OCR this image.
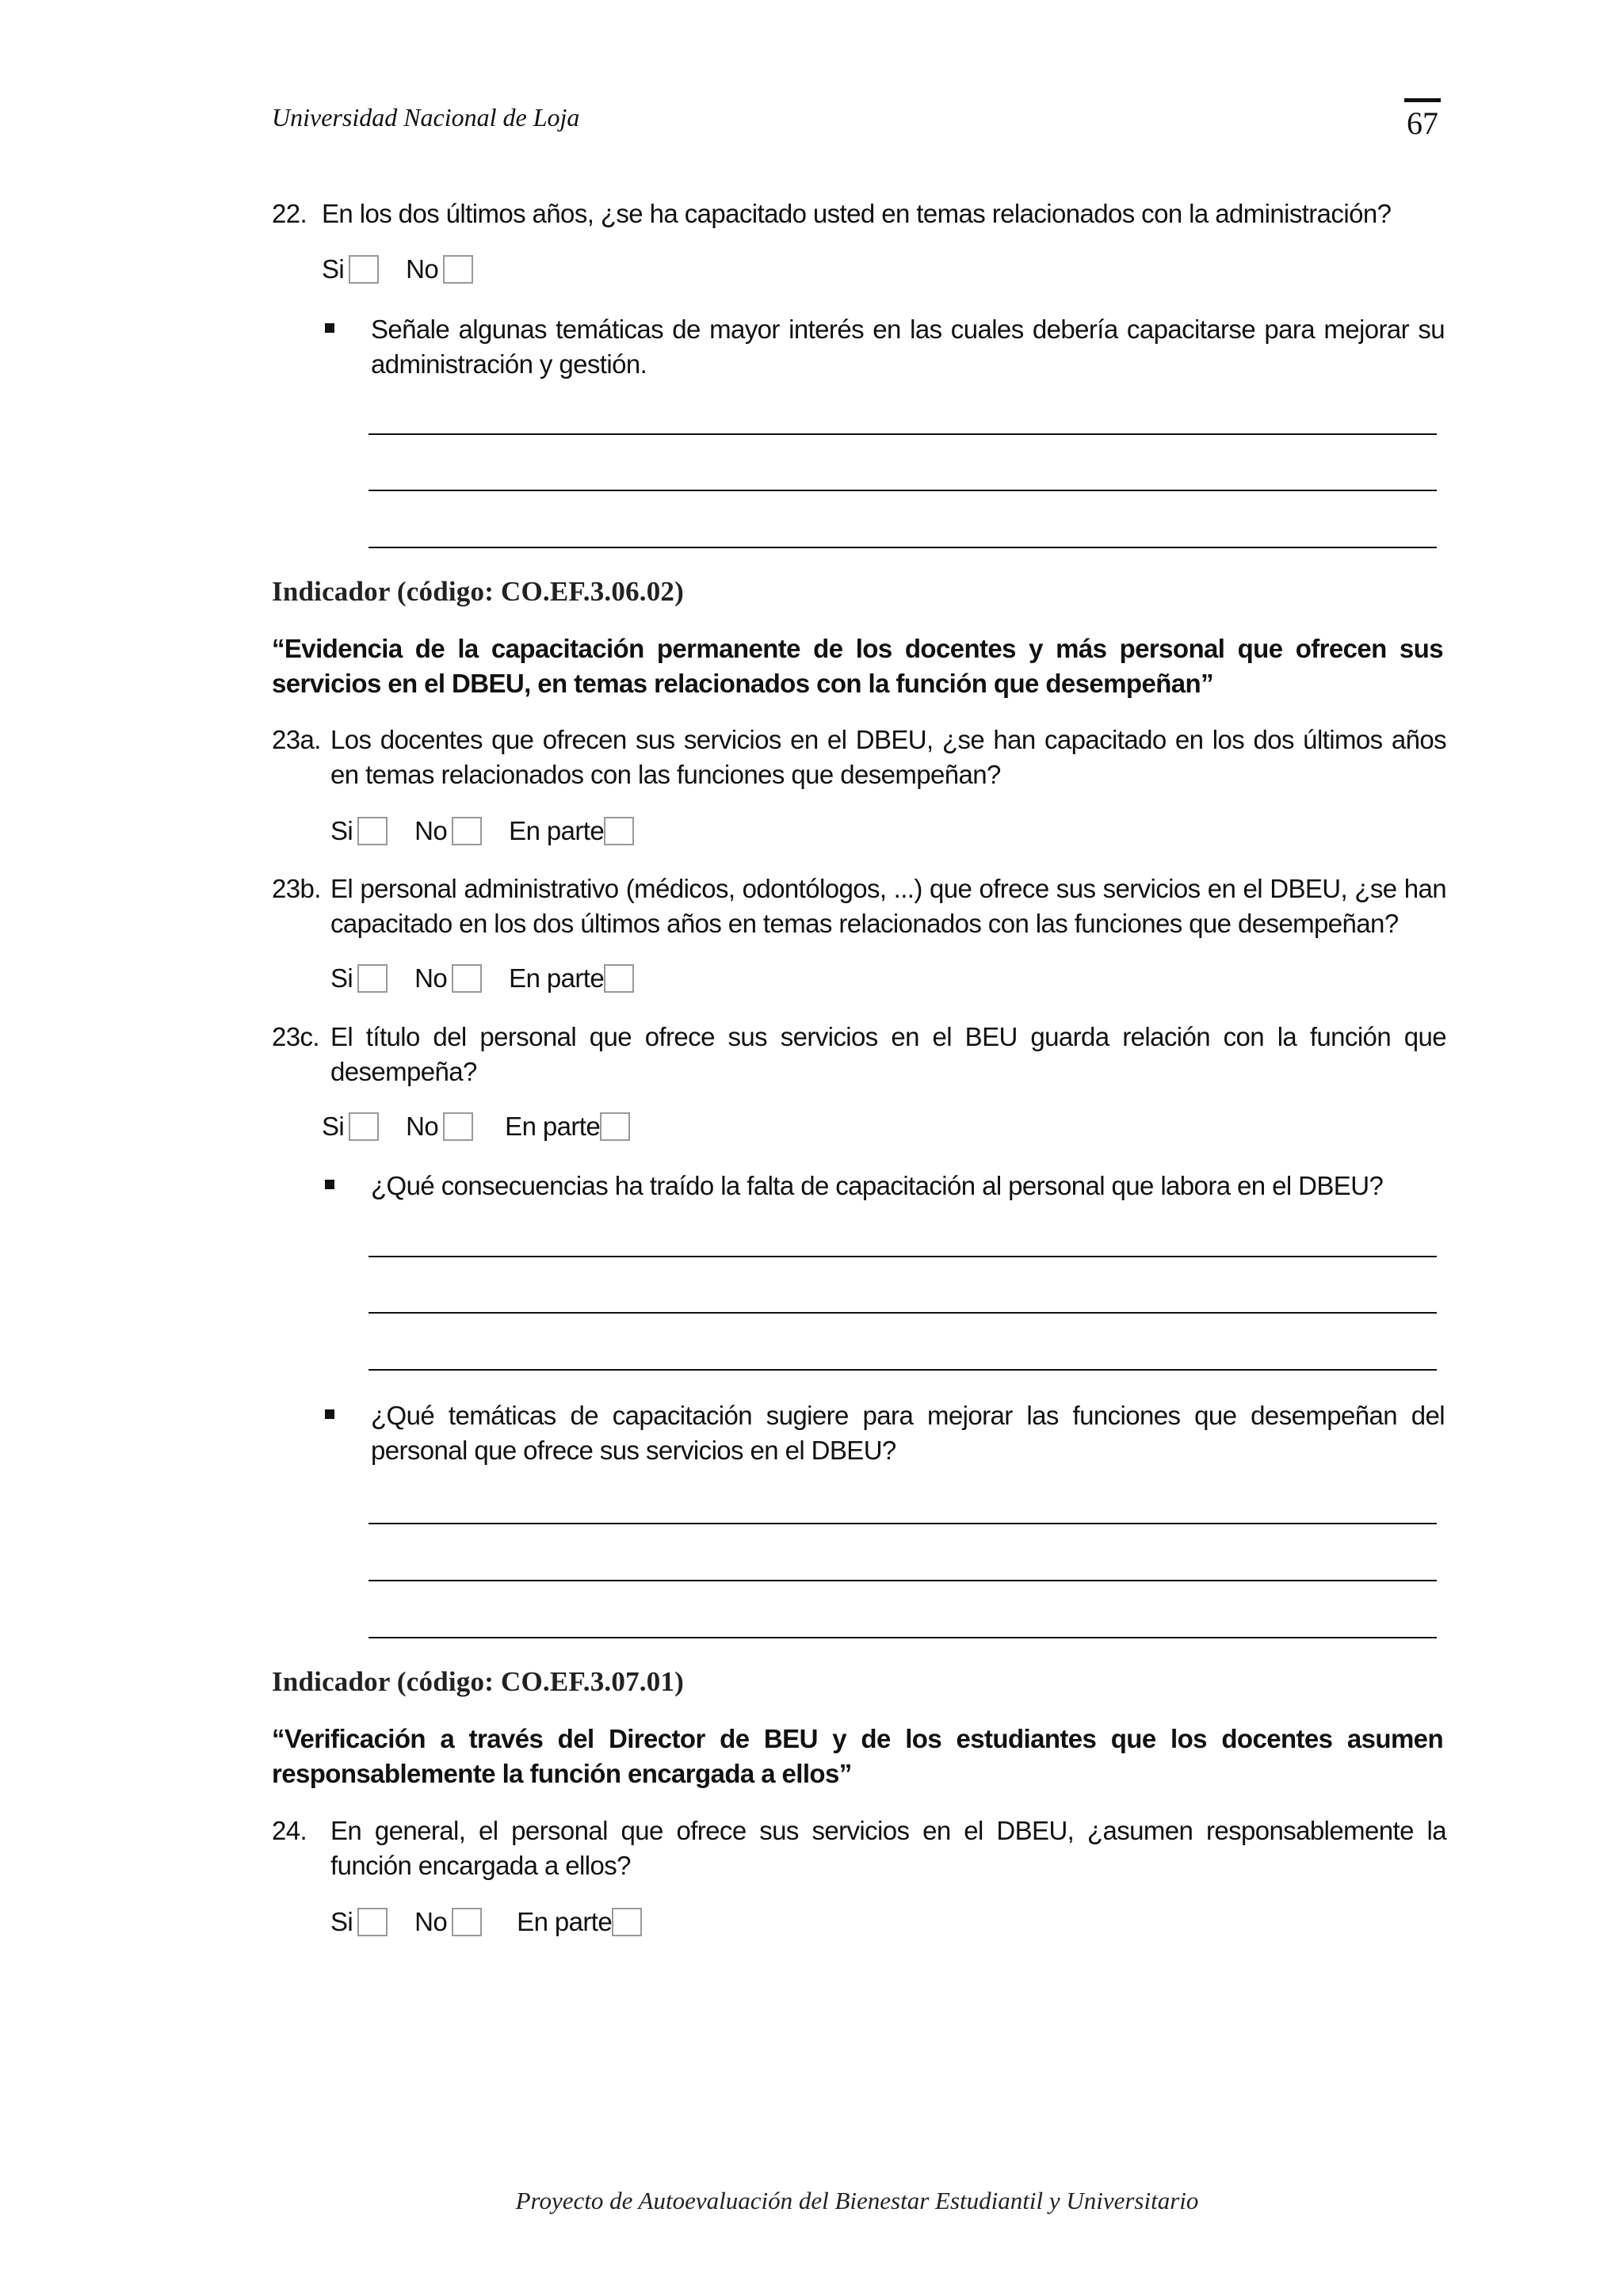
Universidad Nacional de Loja	67
22. En los dos últimos años, ¿se ha capacitado usted en temas relacionados con la administración?
Si No
Señale algunas temáticas de mayor interés en las cuales debería capacitarse para mejorar su administración y gestión.
Indicador (código: CO.EF.3.06.02)
“Evidencia de la capacitación permanente de los docentes y más personal que ofrecen sus servicios en el DBEU, en temas relacionados con la función que desempeñan”
23a. Los docentes que ofrecen sus servicios en el DBEU, ¿se han capacitado en los dos últimos años en temas relacionados con las funciones que desempeñan?
Si No En parte
23b. El personal administrativo (médicos, odontólogos, ...) que ofrece sus servicios en el DBEU, ¿se han capacitado en los dos últimos años en temas relacionados con las funciones que desempeñan?
Si No En parte
23c. El título del personal que ofrece sus servicios en el BEU guarda relación con la función que desempeña?
Si No	En parte
¿Qué consecuencias ha traído la falta de capacitación al personal que labora en el DBEU?
¿Qué temáticas de capacitación sugiere para mejorar las funciones que desempeñan del personal que ofrece sus servicios en el DBEU?
Indicador (código: CO.EF.3.07.01)
“Verificación a través del Director de BEU y de los estudiantes que los docentes asumen responsablemente la función encargada a ellos”
24. En general, el personal que ofrece sus servicios en el DBEU, ¿asumen responsablemente la función encargada a ellos?
Si No	En parte
Proyecto de Autoevaluación del Bienestar Estudiantil y Universitario
